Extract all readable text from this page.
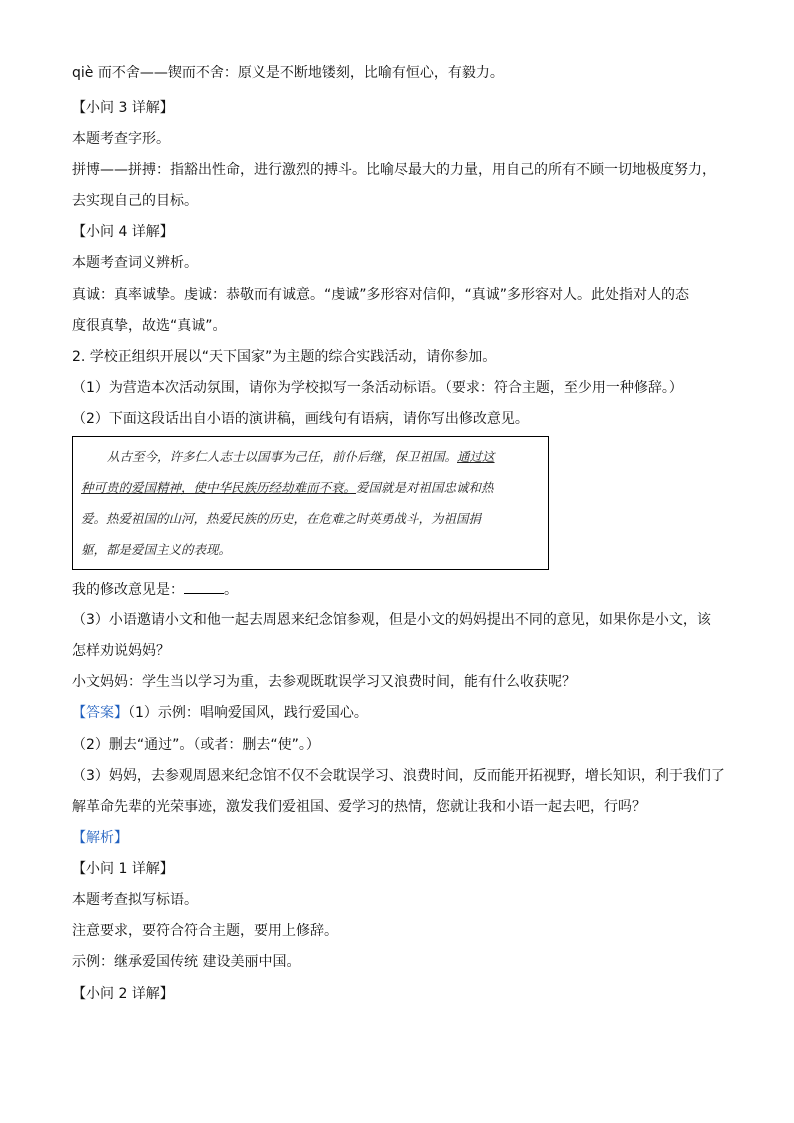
qiè 而不舍——锲而不舍：原义是不断地镂刻，比喻有恒心，有毅力。
【小问 3 详解】
本题考查字形。
拼博——拼搏：指豁出性命，进行激烈的搏斗。比喻尽最大的力量，用自己的所有不顾一切地极度努力，
去实现自己的目标。
【小问 4 详解】
本题考查词义辨析。
真诚：真率诚挚。虔诚：恭敬而有诚意。“虔诚”多形容对信仰，“真诚”多形容对人。此处指对人的态
度很真挚，故选“真诚”。
2. 学校正组织开展以“天下国家”为主题的综合实践活动，请你参加。
（1）为营造本次活动氛围，请你为学校拟写一条活动标语。（要求：符合主题，至少用一种修辞。）
（2）下面这段话出自小语的演讲稿，画线句有语病，请你写出修改意见。
从古至今，许多仁人志士以国事为己任，前仆后继，保卫祖国。通过这
种可贵的爱国精神，使中华民族历经劫难而不衰。爱国就是对祖国忠诚和热
爱。热爱祖国的山河，热爱民族的历史，在危难之时英勇战斗，为祖国捐
躯，都是爱国主义的表现。
我的修改意见是：	。
（3）小语邀请小文和他一起去周恩来纪念馆参观，但是小文的妈妈提出不同的意见，如果你是小文，该
怎样劝说妈妈？
小文妈妈：学生当以学习为重，去参观既耽误学习又浪费时间，能有什么收获呢？
【答案】（1）示例：唱响爱国风，践行爱国心。
（2）删去“通过”。（或者：删去“使”。）
（3）妈妈，去参观周恩来纪念馆不仅不会耽误学习、浪费时间，反而能开拓视野，增长知识，利于我们了
解革命先辈的光荣事迹，激发我们爱祖国、爱学习的热情，您就让我和小语一起去吧，行吗？
【解析】
【小问 1 详解】
本题考查拟写标语。
注意要求，要符合符合主题，要用上修辞。
示例：继承爱国传统 建设美丽中国。
【小问 2 详解】
